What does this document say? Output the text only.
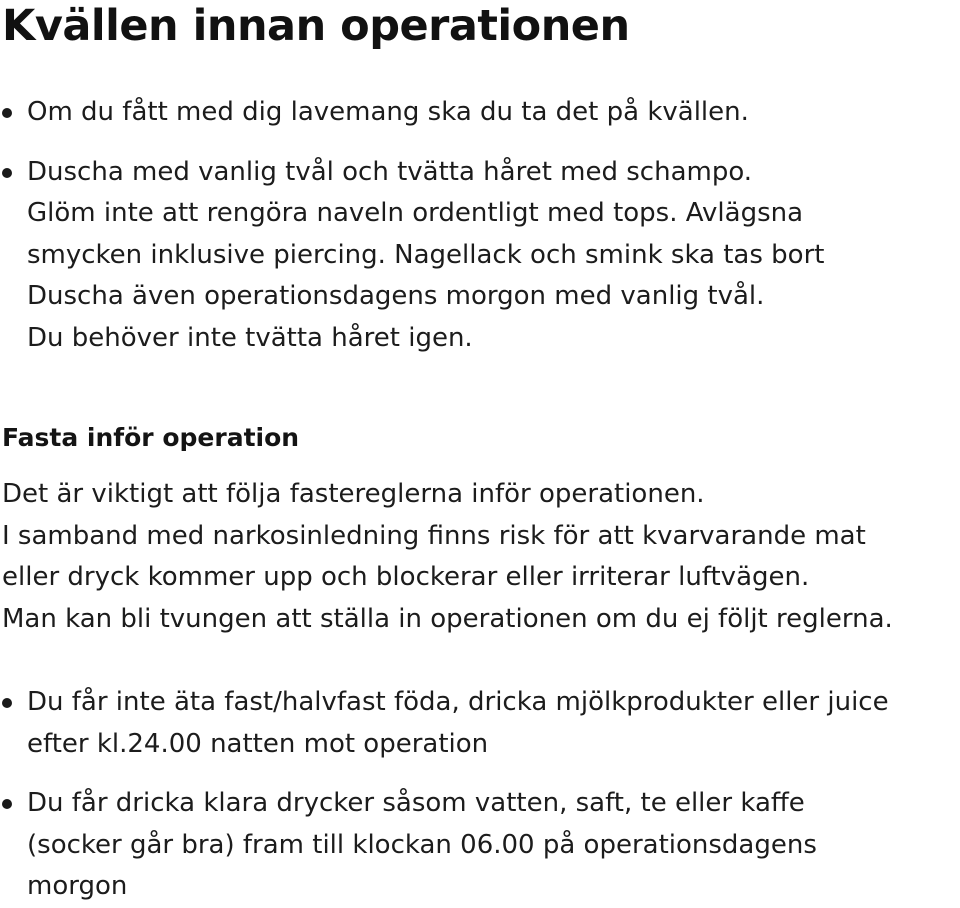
Kvällen innan operationen
Om du fått med dig lavemang ska du ta det på kvällen.
Duscha med vanlig tvål och tvätta håret med schampo.
Glöm inte att rengöra naveln ordentligt med tops. Avlägsna
smycken inklusive piercing. Nagellack och smink ska tas bort
Duscha även operationsdagens morgon med vanlig tvål.
Du behöver inte tvätta håret igen.
Fasta inför operation

Det är viktigt att följa fastereglerna inför operationen.
I samband med narkosinledning finns risk för att kvarvarande mat
eller dryck kommer upp och blockerar eller irriterar luftvägen.
Man kan bli tvungen att ställa in operationen om du ej följt reglerna.

Du får inte äta fast/halvfast föda, dricka mjölkprodukter eller juice
efter kl.24.00 natten mot operation
Du får dricka klara drycker såsom vatten, saft, te eller kaffe
(socker går bra) fram till klockan 06.00 på operationsdagens
morgon
